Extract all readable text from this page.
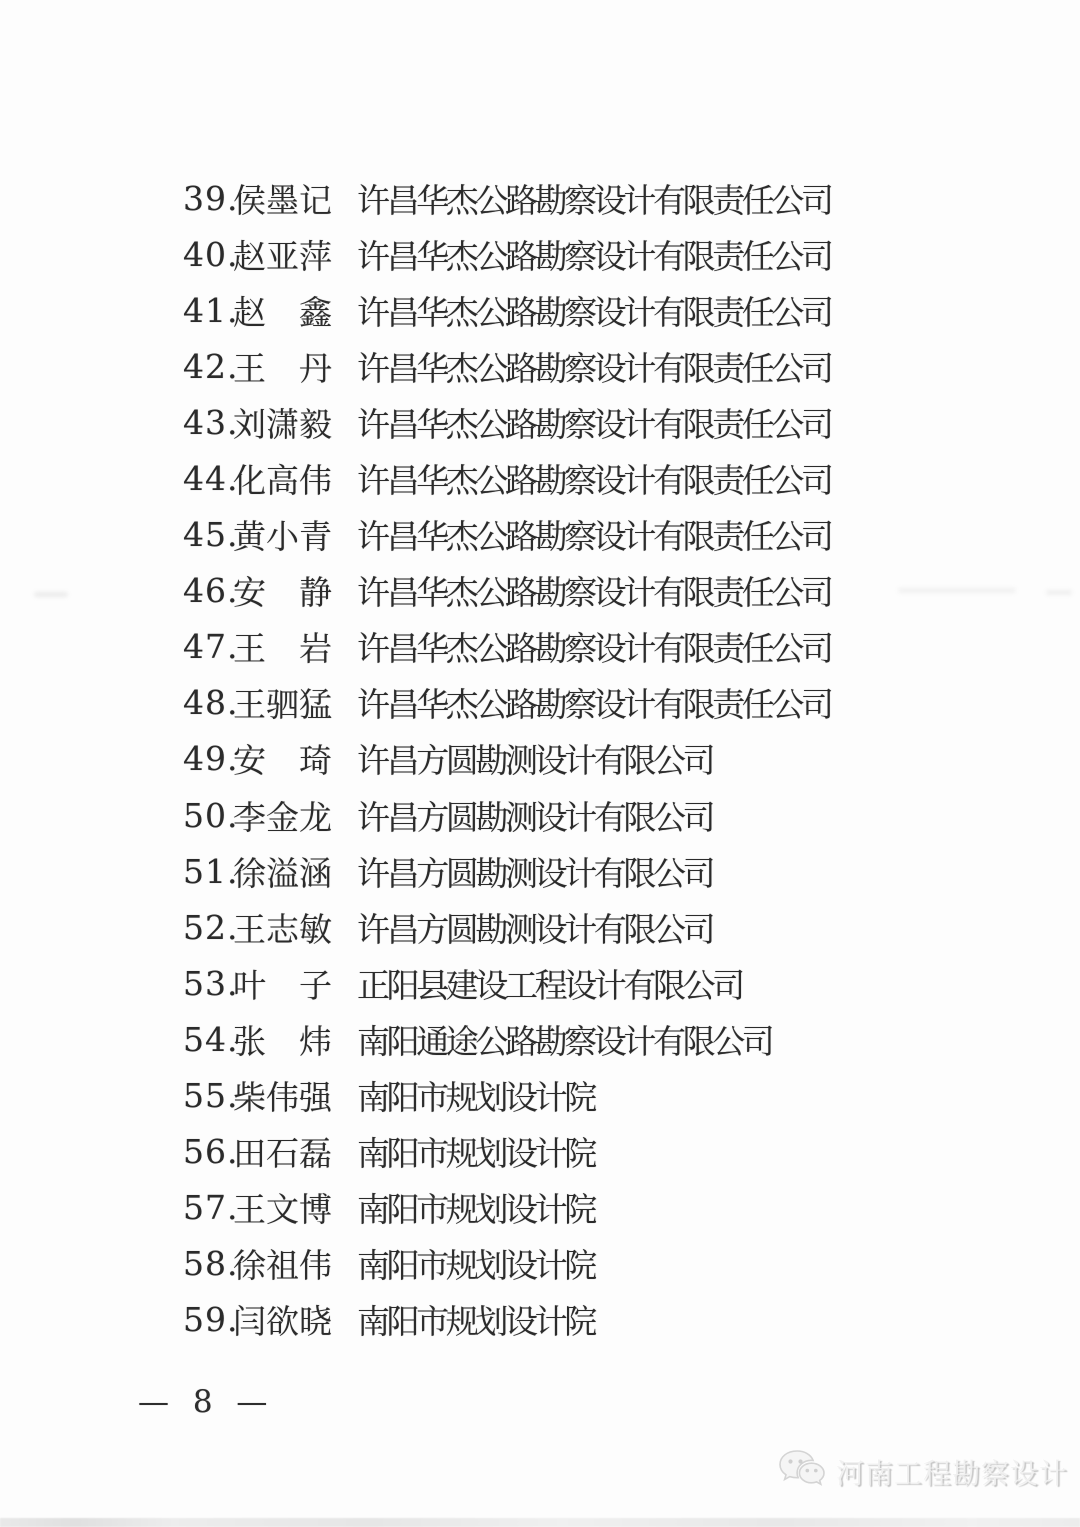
39.
侯墨记 许昌华杰公路勘察设计有限责任公司
40.
赵亚萍 许昌华杰公路勘察设计有限责任公司
41.
赵　鑫 许昌华杰公路勘察设计有限责任公司
42.
王　丹 许昌华杰公路勘察设计有限责任公司
43.
刘潇毅 许昌华杰公路勘察设计有限责任公司
44.
化高伟 许昌华杰公路勘察设计有限责任公司
45.
黄小青 许昌华杰公路勘察设计有限责任公司
46.
安　静 许昌华杰公路勘察设计有限责任公司
47.
王　岩 许昌华杰公路勘察设计有限责任公司
48.
王驷猛 许昌华杰公路勘察设计有限责任公司
49.
安　琦 许昌方圆勘测设计有限公司
50.
李金龙 许昌方圆勘测设计有限公司
51.
徐溢涵 许昌方圆勘测设计有限公司
52.
王志敏 许昌方圆勘测设计有限公司
53.
叶　子 正阳县建设工程设计有限公司
54.
张　炜 南阳通途公路勘察设计有限公司
55.
柴伟强 南阳市规划设计院
56.
田石磊 南阳市规划设计院
57.
王文博 南阳市规划设计院
58.
徐祖伟 南阳市规划设计院
59.
闫欲晓 南阳市规划设计院
— 8 —
河南工程勘察设计
